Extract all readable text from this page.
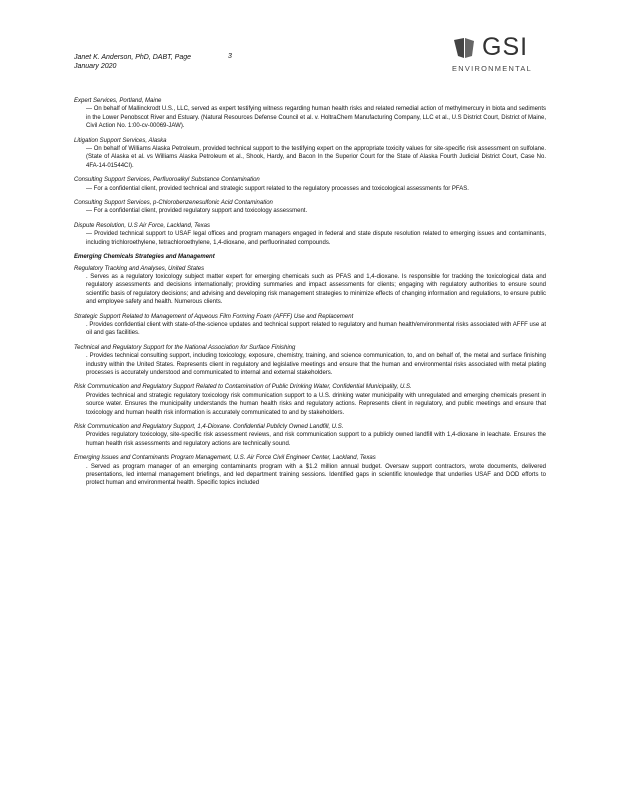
Janet K. Anderson, PhD, DABT, Page
January 2020
3	GSI
ENVIRONMENTAL
Expert Services, Portland, Maine
— On behalf of Mallinckrodt U.S., LLC, served as expert testifying witness regarding human health risks and related remedial action of methylmercury in biota and sediments in the Lower Penobscot River and Estuary. (Natural Resources Defense Council et al. v. HoltraChem Manufacturing Company, LLC et al., U.S District Court, District of Maine, Civil Action No. 1:00-cv-00069-JAW).
Litigation Support Services, Alaska
— On behalf of Williams Alaska Petroleum, provided technical support to the testifying expert on the appropriate toxicity values for site-specific risk assessment on sulfolane. (State of Alaska et al. vs Williams Alaska Petroleum et al., Shook, Hardy, and Bacon In the Superior Court for the State of Alaska Fourth Judicial District Court, Case No. 4FA-14-01544CI).
Consulting Support Services, Perfluoroalkyl Substance Contamination
— For a confidential client, provided technical and strategic support related to the regulatory processes and toxicological assessments for PFAS.
Consulting Support Services, p-Chlorobenzenesulfonic Acid Contamination
— For a confidential client, provided regulatory support and toxicology assessment.
Dispute Resolution, U.S Air Force, Lackland, Texas
— Provided technical support to USAF legal offices and program managers engaged in federal and state dispute resolution related to emerging issues and contaminants, including trichloroethylene, tetrachloroethylene, 1,4-dioxane, and perfluorinated compounds.
Emerging Chemicals Strategies and Management
Regulatory Tracking and Analyses, United States
. Serves as a regulatory toxicology subject matter expert for emerging chemicals such as PFAS and 1,4-dioxane. Is responsible for tracking the toxicological data and regulatory assessments and decisions internationally; providing summaries and impact assessments for clients; engaging with regulatory authorities to ensure sound scientific basis of regulatory decisions; and advising and developing risk management strategies to minimize effects of changing information and regulations, to ensure public and employee safety and health. Numerous clients.
Strategic Support Related to Management of Aqueous Film Forming Foam (AFFF) Use and Replacement
. Provides confidential client with state-of-the-science updates and technical support related to regulatory and human health/environmental risks associated with AFFF use at oil and gas facilities.
Technical and Regulatory Support for the National Association for Surface Finishing
. Provides technical consulting support, including toxicology, exposure, chemistry, training, and science communication, to, and on behalf of, the metal and surface finishing industry within the United States. Represents client in regulatory and legislative meetings and ensure that the human and environmental risks associated with metal plating processes is accurately understood and communicated to internal and external stakeholders.
Risk Communication and Regulatory Support Related to Contamination of Public Drinking Water, Confidential Municipality, U.S.
Provides technical and strategic regulatory toxicology risk communication support to a U.S. drinking water municipality with unregulated and emerging chemicals present in source water. Ensures the municipality understands the human health risks and regulatory actions. Represents client in regulatory, and public meetings and ensure that toxicology and human health risk information is accurately communicated to and by stakeholders.
Risk Communication and Regulatory Support, 1,4-Dioxane. Confidential Publicly Owned Landfill, U.S.
Provides regulatory toxicology, site-specific risk assessment reviews, and risk communication support to a publicly owned landfill with 1,4-dioxane in leachate. Ensures the human health risk assessments and regulatory actions are technically sound.
Emerging Issues and Contaminants Program Management, U.S. Air Force Civil Engineer Center, Lackland, Texas
. Served as program manager of an emerging contaminants program with a $1.2 million annual budget. Oversaw support contractors, wrote documents, delivered presentations, led internal management briefings, and led department training sessions. Identified gaps in scientific knowledge that underlies USAF and DOD efforts to protect human and environmental health. Specific topics included
